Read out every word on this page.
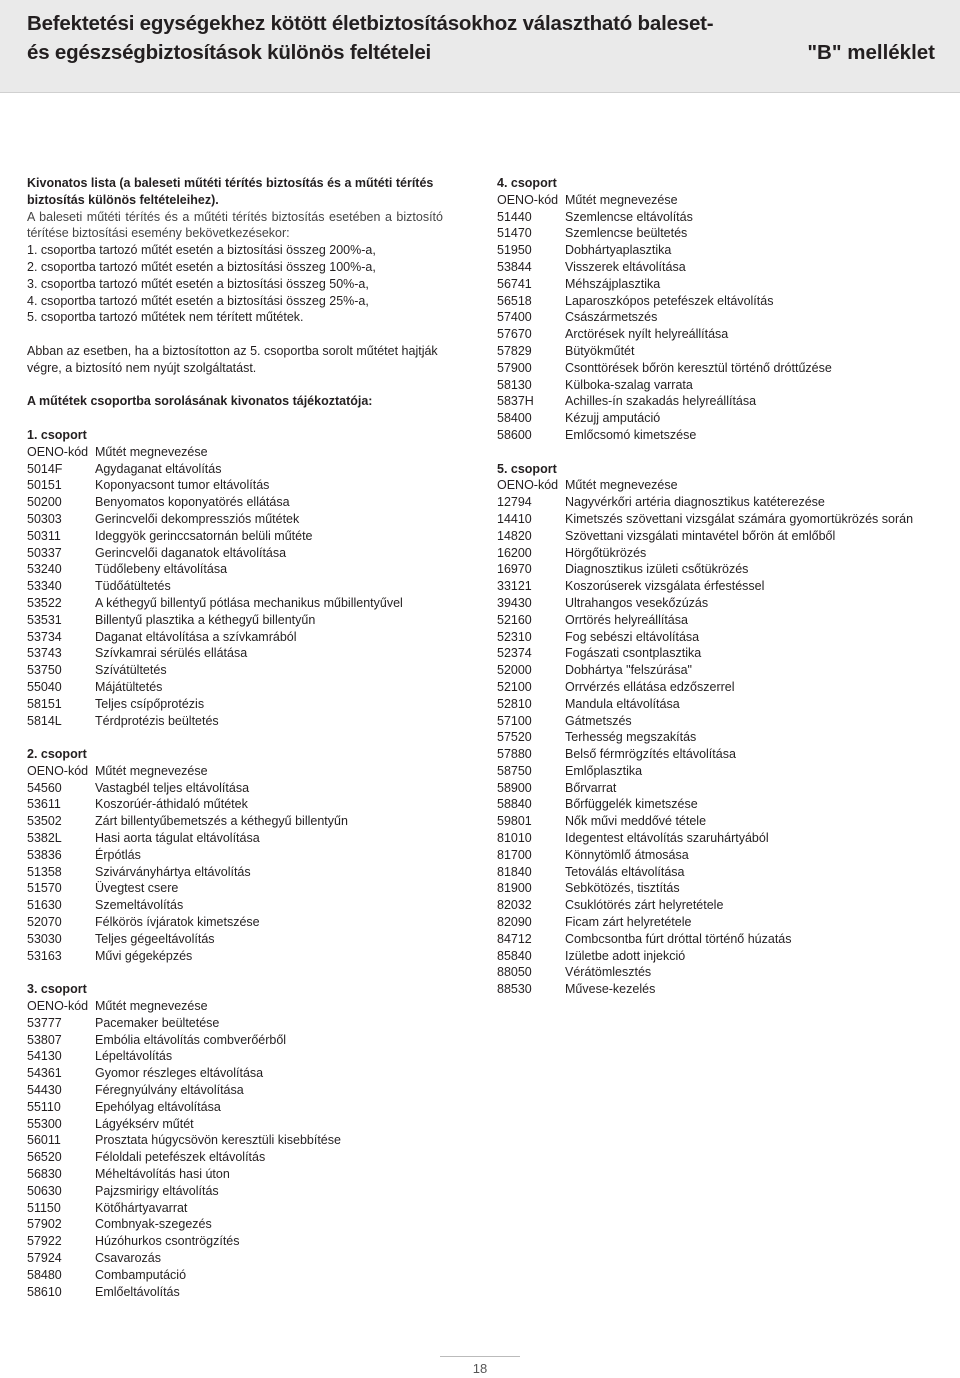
Befektetési egységekhez kötött életbiztosításokhoz választható baleset-
és egészségbiztosítások különös feltételei	"B" melléklet

Kivonatos lista (a baleseti műtéti térítés biztosítás és a műtéti térítés biztosítás különös feltételeihez).

A baleseti műtéti térítés és a műtéti térítés biztosítás esetében a biztosító térítése biztosítási esemény bekövetkezésekor:

1. csoportba tartozó műtét esetén a biztosítási összeg 200%-a,

2. csoportba tartozó műtét esetén a biztosítási összeg 100%-a,

3. csoportba tartozó műtét esetén a biztosítási összeg 50%-a,

4. csoportba tartozó műtét esetén a biztosítási összeg 25%-a,

5. csoportba tartozó műtétek nem térített műtétek.

Abban az esetben, ha a biztosítotton az 5. csoportba sorolt műtétet hajtják végre, a biztosító nem nyújt szolgáltatást.

A műtétek csoportba sorolásának kivonatos tájékoztatója:

1. csoport

OENO-kód Műtét megnevezése
5014F	Agydaganat eltávolítás
50151	Koponyacsont tumor eltávolítás
50200	Benyomatos koponyatörés ellátása
50303	Gerincvelői dekompressziós műtétek
50311	Ideggyök gerinccsatornán belüli műtéte
50337	Gerincvelői daganatok eltávolítása
53240	Tüdőlebeny eltávolítása
53340	Tüdőátültetés
53522	A kéthegyű billentyű pótlása mechanikus műbillentyűvel
53531	Billentyű plasztika a kéthegyű billentyűn
53734	Daganat eltávolítása a szívkamrából
53743	Szívkamrai sérülés ellátása
53750	Szívátültetés
55040	Májátültetés
58151	Teljes csípőprotézis
5814L	Térdprotézis beültetés

2. csoport

OENO-kód Műtét megnevezése
54560	Vastagbél teljes eltávolítása
53611	Koszorúér-áthidaló műtétek
53502	Zárt billentyűbemetszés a kéthegyű billentyűn
5382L	Hasi aorta tágulat eltávolítása
53836	Érpótlás
51358	Szivárványhártya eltávolítás
51570	Üvegtest csere
51630	Szemeltávolítás
52070	Félkörös ívjáratok kimetszése
53030	Teljes gégeeltávolítás
53163	Művi gégeképzés

3. csoport

OENO-kód Műtét megnevezése
53777	Pacemaker beültetése
53807	Embólia eltávolítás combverőérből
54130	Lépeltávolítás
54361	Gyomor részleges eltávolítása
54430	Féregnyúlvány eltávolítása
55110	Epehólyag eltávolítása
55300	Lágyéksérv műtét
56011	Prosztata húgycsövön keresztüli kisebbítése
56520	Féloldali petefészek eltávolítás
56830	Méheltávolítás hasi úton
50630	Pajzsmirigy eltávolítás
51150	Kötőhártyavarrat
57902	Combnyak-szegezés
57922	Húzóhurkos csontrögzítés
57924	Csavarozás
58480	Combamputáció
58610	Emlőeltávolítás

4. csoport

OENO-kód Műtét megnevezése
51440	Szemlencse eltávolítás
51470	Szemlencse beültetés
51950	Dobhártyaplasztika
53844	Visszerek eltávolítása
56741	Méhszájplasztika
56518	Laparoszkópos petefészek eltávolítás
57400	Császármetszés
57670	Arctörések nyílt helyreállítása
57829	Bütyökműtét
57900	Csonttörések bőrön keresztül történő dróttűzése
58130	Külboka-szalag varrata
5837H	Achilles-ín szakadás helyreállítása
58400	Kézujj amputáció
58600	Emlőcsomó kimetszése

5. csoport

OENO-kód Műtét megnevezése
12794	Nagyvérkőri artéria diagnosztikus katéterezése
14410	Kimetszés szövettani vizsgálat számára gyomortükrözés során
14820	Szövettani vizsgálati mintavétel bőrön át emlőből
16200	Hörgőtükrözés
16970	Diagnosztikus izületi csőtükrözés
33121	Koszorúserek vizsgálata érfestéssel
39430	Ultrahangos vesekőzúzás
52160	Orrtörés helyreállítása
52310	Fog sebészi eltávolítása
52374	Fogászati csontplasztika
52000	Dobhártya "felszúrása"
52100	Orrvérzés ellátása edzőszerrel
52810	Mandula eltávolítása
57100	Gátmetszés
57520	Terhesség megszakítás
57880	Belső férmrögzítés eltávolítása
58750	Emlőplasztika
58900	Bőrvarrat
58840	Bőrfüggelék kimetszése
59801	Nők művi meddővé tétele
81010	Idegentest eltávolítás szaruhártyából
81700	Könnytömlő átmosása
81840	Tetoválás eltávolítása
81900	Sebkötözés, tisztítás
82032	Csuklótörés zárt helyretétele
82090	Ficam zárt helyretétele
84712	Combcsontba fúrt dróttal történő húzatás
85840	Izületbe adott injekció
88050	Vérátömlesztés
88530	Művese-kezelés
18
